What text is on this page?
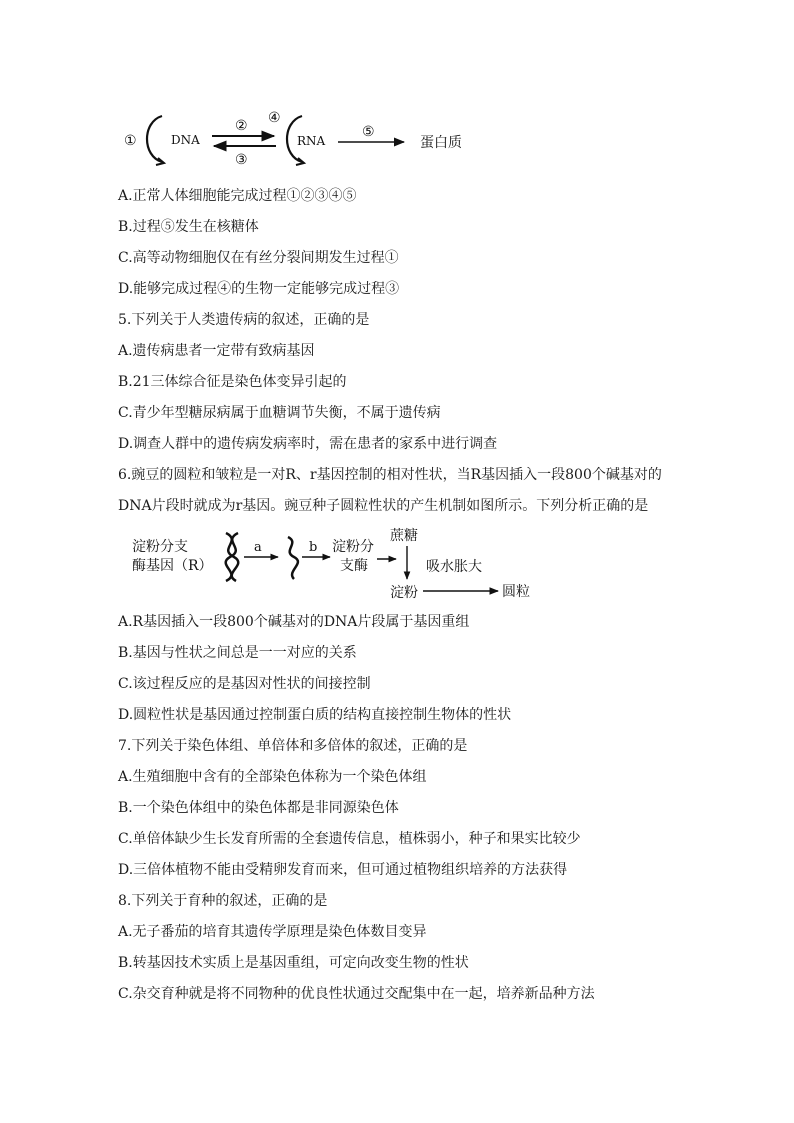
①	DNA
②
③
④
RNA
⑤
蛋白质
A.正常人体细胞能完成过程①②③④⑤
B.过程⑤发生在核糖体
C.高等动物细胞仅在有丝分裂间期发生过程①
D.能够完成过程④的生物一定能够完成过程③
5.下列关于人类遗传病的叙述，正确的是
A.遗传病患者一定带有致病基因
B.21三体综合征是染色体变异引起的
C.青少年型糖尿病属于血糖调节失衡，不属于遗传病
D.调查人群中的遗传病发病率时，需在患者的家系中进行调查
6.豌豆的圆粒和皱粒是一对R、r基因控制的相对性状，当R基因插入一段800个碱基对的
DNA片段时就成为r基因。豌豆种子圆粒性状的产生机制如图所示。下列分析正确的是
淀粉分支
酶基因（R）
a	b 淀粉分
支酶
蔗糖
吸水胀大
淀粉	圆粒
A.R基因插入一段800个碱基对的DNA片段属于基因重组
B.基因与性状之间总是一一对应的关系
C.该过程反应的是基因对性状的间接控制
D.圆粒性状是基因通过控制蛋白质的结构直接控制生物体的性状
7.下列关于染色体组、单倍体和多倍体的叙述，正确的是
A.生殖细胞中含有的全部染色体称为一个染色体组
B.一个染色体组中的染色体都是非同源染色体
C.单倍体缺少生长发育所需的全套遗传信息，植株弱小，种子和果实比较少
D.三倍体植物不能由受精卵发育而来，但可通过植物组织培养的方法获得
8.下列关于育种的叙述，正确的是
A.无子番茄的培育其遗传学原理是染色体数目变异
B.转基因技术实质上是基因重组，可定向改变生物的性状
C.杂交育种就是将不同物种的优良性状通过交配集中在一起，培养新品种方法
